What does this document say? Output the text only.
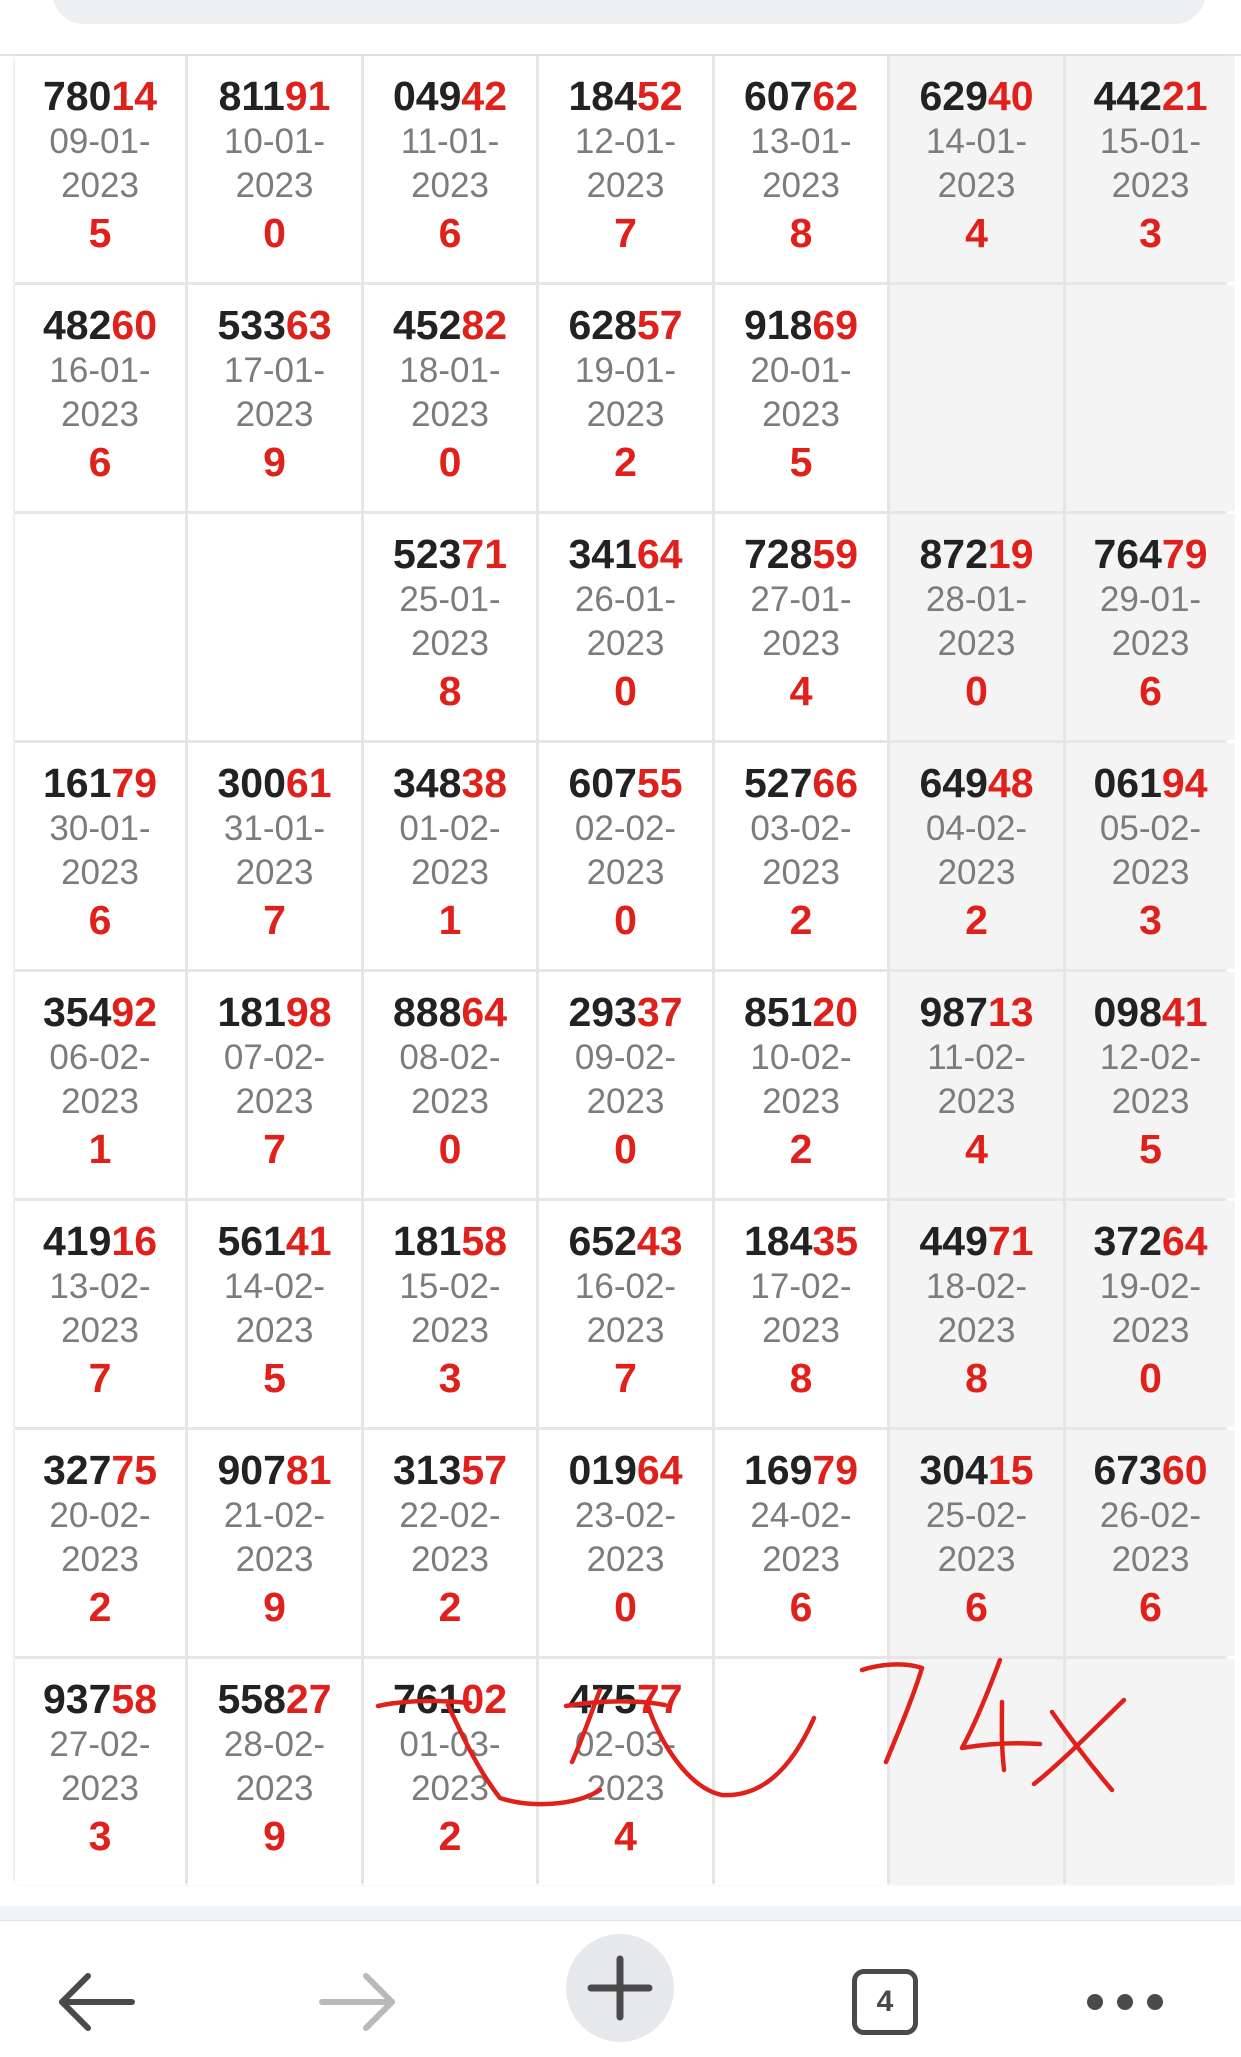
78014
09-01-
2023
5
81191
10-01-
2023
0
04942
11-01-
2023
6
18452
12-01-
2023
7
60762
13-01-
2023
8
62940
14-01-
2023
4
44221
15-01-
2023
3
48260
16-01-
2023
6
53363
17-01-
2023
9
45282
18-01-
2023
0
62857
19-01-
2023
2
91869
20-01-
2023
5
52371
25-01-
2023
8
34164
26-01-
2023
0
72859
27-01-
2023
4
87219
28-01-
2023
0
76479
29-01-
2023
6
16179
30-01-
2023
6
30061
31-01-
2023
7
34838
01-02-
2023
1
60755
02-02-
2023
0
52766
03-02-
2023
2
64948
04-02-
2023
2
06194
05-02-
2023
3
35492
06-02-
2023
1
18198
07-02-
2023
7
88864
08-02-
2023
0
29337
09-02-
2023
0
85120
10-02-
2023
2
98713
11-02-
2023
4
09841
12-02-
2023
5
41916
13-02-
2023
7
56141
14-02-
2023
5
18158
15-02-
2023
3
65243
16-02-
2023
7
18435
17-02-
2023
8
44971
18-02-
2023
8
37264
19-02-
2023
0
32775
20-02-
2023
2
90781
21-02-
2023
9
31357
22-02-
2023
2
01964
23-02-
2023
0
16979
24-02-
2023
6
30415
25-02-
2023
6
67360
26-02-
2023
6
93758
27-02-
2023
3
55827
28-02-
2023
9
76102
01-03-
2023
2
47577
02-03-
2023
4
4
